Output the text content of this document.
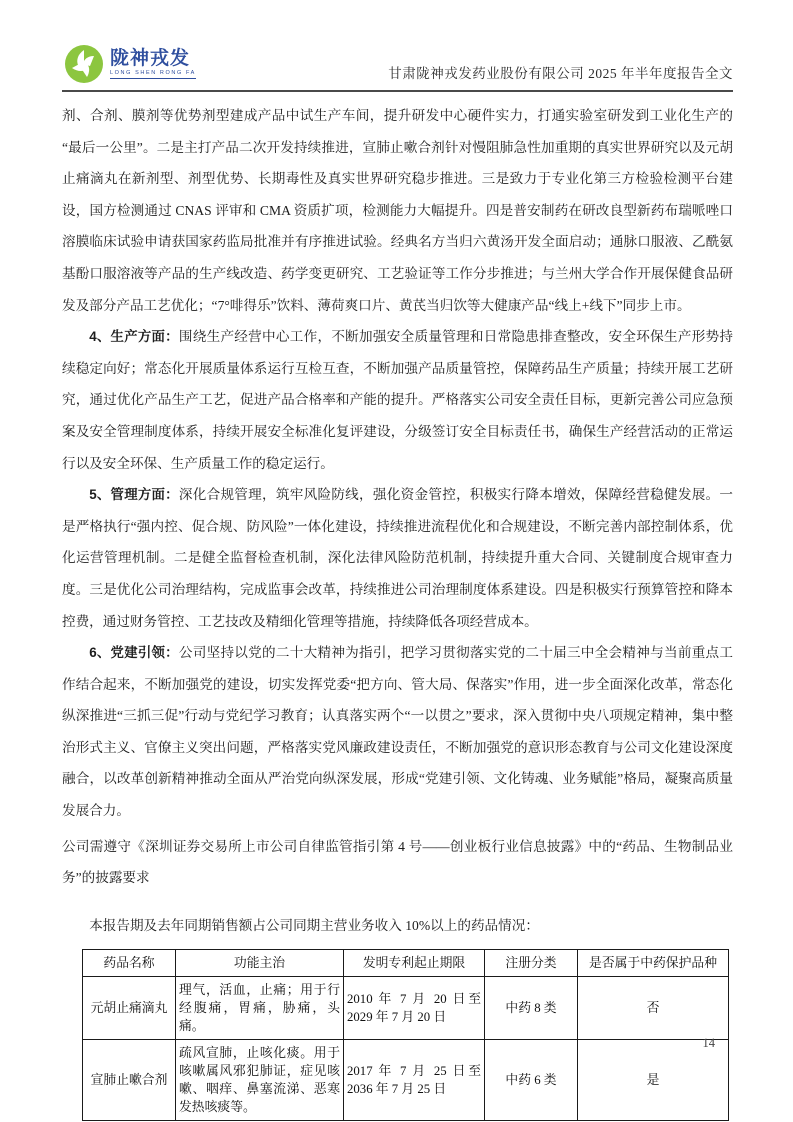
陇神戎发
LONG SHEN RONG FA	甘肃陇神戎发药业股份有限公司 2025 年半年度报告全文

剂、合剂、膜剂等优势剂型建成产品中试生产车间，提升研发中心硬件实力，打通实验室研发到工业化生产的“最后一公里”。二是主打产品二次开发持续推进，宣肺止嗽合剂针对慢阻肺急性加重期的真实世界研究以及元胡止痛滴丸在新剂型、剂型优势、长期毒性及真实世界研究稳步推进。三是致力于专业化第三方检验检测平台建设，国方检测通过 CNAS 评审和 CMA 资质扩项，检测能力大幅提升。四是普安制药在研改良型新药布瑞哌唑口溶膜临床试验申请获国家药监局批准并有序推进试验。经典名方当归六黄汤开发全面启动；通脉口服液、乙酰氨基酚口服溶液等产品的生产线改造、药学变更研究、工艺验证等工作分步推进；与兰州大学合作开展保健食品研发及部分产品工艺优化；“7°啡得乐”饮料、薄荷爽口片、黄芪当归饮等大健康产品“线上+线下”同步上市。

4、生产方面：围绕生产经营中心工作，不断加强安全质量管理和日常隐患排查整改，安全环保生产形势持续稳定向好；常态化开展质量体系运行互检互查，不断加强产品质量管控，保障药品生产质量；持续开展工艺研究，通过优化产品生产工艺，促进产品合格率和产能的提升。严格落实公司安全责任目标，更新完善公司应急预案及安全管理制度体系，持续开展安全标准化复评建设，分级签订安全目标责任书，确保生产经营活动的正常运行以及安全环保、生产质量工作的稳定运行。

5、管理方面：深化合规管理，筑牢风险防线，强化资金管控，积极实行降本增效，保障经营稳健发展。一是严格执行“强内控、促合规、防风险”一体化建设，持续推进流程优化和合规建设，不断完善内部控制体系，优化运营管理机制。二是健全监督检查机制，深化法律风险防范机制，持续提升重大合同、关键制度合规审查力度。三是优化公司治理结构，完成监事会改革，持续推进公司治理制度体系建设。四是积极实行预算管控和降本控费，通过财务管控、工艺技改及精细化管理等措施，持续降低各项经营成本。

6、党建引领：公司坚持以党的二十大精神为指引，把学习贯彻落实党的二十届三中全会精神与当前重点工作结合起来，不断加强党的建设，切实发挥党委“把方向、管大局、保落实”作用，进一步全面深化改革，常态化纵深推进“三抓三促”行动与党纪学习教育；认真落实两个“一以贯之”要求，深入贯彻中央八项规定精神，集中整治形式主义、官僚主义突出问题，严格落实党风廉政建设责任，不断加强党的意识形态教育与公司文化建设深度融合，以改革创新精神推动全面从严治党向纵深发展，形成“党建引领、文化铸魂、业务赋能”格局，凝聚高质量发展合力。

公司需遵守《深圳证券交易所上市公司自律监管指引第 4 号——创业板行业信息披露》中的“药品、生物制品业务”的披露要求

本报告期及去年同期销售额占公司同期主营业务收入 10%以上的药品情况：

药品名称	功能主治	发明专利起止期限	注册分类	是否属于中药保护品种
元胡止痛滴丸	理气，活血，止痛；用于行经腹痛，胃痛，胁痛，头痛。	2010 年 7 月 20 日至 2029 年 7 月 20 日	中药 8 类	否
宣肺止嗽合剂	疏风宣肺，止咳化痰。用于咳嗽属风邪犯肺证，症见咳嗽、咽痒、鼻塞流涕、恶寒发热咳痰等。	2017 年 7 月 25 日至 2036 年 7 月 25 日	中药 6 类	是
14
